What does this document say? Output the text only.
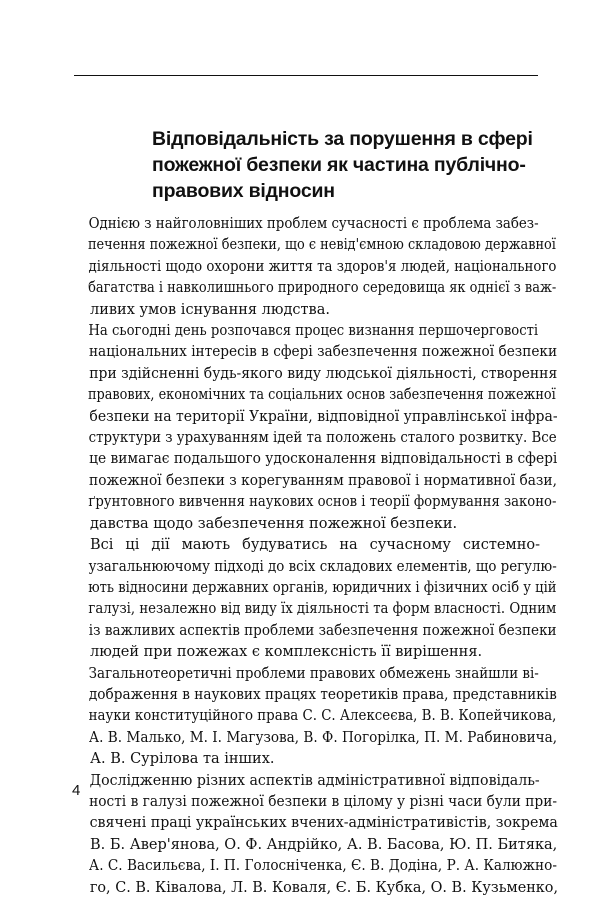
Відповідальність за порушення в сфері
пожежної безпеки як частина публічно-
правових відносин

Однією з найголовніших проблем сучасності є проблема забез-
печення пожежної безпеки, що є невід'ємною складовою державної
діяльності щодо охорони життя та здоров'я людей, національного
багатства і навколишнього природного середовища як однієї з важ-
ливих умов існування людства.

На сьогодні день розпочався процес визнання першочерговості
національних інтересів в сфері забезпечення пожежної безпеки
при здійсненні будь-якого виду людської діяльності, створення
правових, економічних та соціальних основ забезпечення пожежної
безпеки на території України, відповідної управлінської інфра-
структури з урахуванням ідей та положень сталого розвитку. Все
це вимагає подальшого удосконалення відповідальності в сфері
пожежної безпеки з корегуванням правової і нормативної бази,
ґрунтовного вивчення наукових основ і теорії формування законо-
давства щодо забезпечення пожежної безпеки.

Всі ці дії мають будуватись на сучасному системно-
узагальнюючому підході до всіх складових елементів, що регулю-
ють відносини державних органів, юридичних і фізичних осіб у цій
галузі, незалежно від виду їх діяльності та форм власності. Одним
із важливих аспектів проблеми забезпечення пожежної безпеки
людей при пожежах є комплексність її вирішення.

Загальнотеоретичні проблеми правових обмежень знайшли ві-
дображення в наукових працях теоретиків права, представників
науки конституційного права С. С. Алексеєва, В. В. Копейчикова,
А. В. Малько, М. І. Магузова, В. Ф. Погорілка, П. М. Рабиновича,
А. В. Сурілова та інших.

Дослідженню різних аспектів адміністративної відповідаль-
ності в галузі пожежної безпеки в цілому у різні часи були при-
свячені праці українських вчених-адміністративістів, зокрема
В. Б. Авер'янова, О. Ф. Андрійко, А. В. Басова, Ю. П. Битяка,
А. С. Васильєва, І. П. Голосніченка, Є. В. Додіна, Р. А. Калюжно-
го, С. В. Ківалова, Л. В. Коваля, Є. Б. Кубка, О. В. Кузьменко,

4
